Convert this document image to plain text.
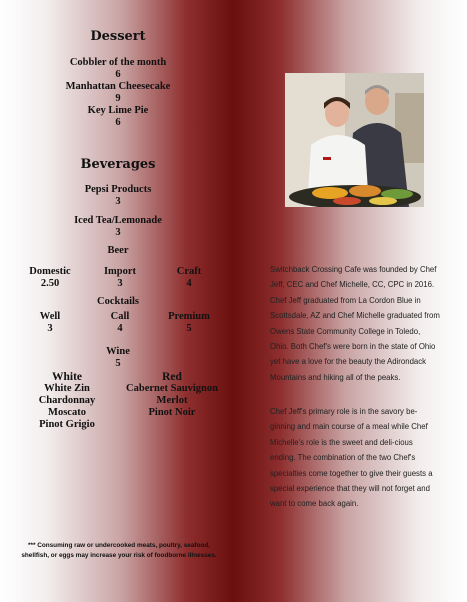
Dessert
Cobbler of the month
6
Manhattan Cheesecake
9
Key Lime Pie
6
Beverages
Pepsi Products
3
Iced Tea/Lemonade
3
Beer
Domestic
2.50
Import
3
Craft
4
Cocktails
Well
3
Call
4
Premium
5
Wine
5
White
White Zin
Chardonnay
Moscato
Pinot Grigio
Red
Cabernet Sauvignon
Merlot
Pinot Noir
*** Consuming raw or undercooked meats, poultry, seafood, shellfish, or eggs may increase your risk of foodborne illnesses.
Switchback Crossing Cafe was founded by Chef Jeff, CEC and Chef Michelle, CC, CPC in 2016. Chef Jeff graduated from La Cordon Blue in Scottsdale, AZ and Chef Michelle graduated from Owens State Community College in Toledo, Ohio. Both Chef's were born in the state of Ohio yet have a love for the beauty the Adirondack Mountains and hiking all of the peaks.
Chef Jeff's primary role is in the savory be-ginning and main course of a meal while Chef Michelle's role is the sweet and deli-cious ending. The combination of the two Chef's specialties come together to give their guests a special experience that they will not forget and want to come back again.
